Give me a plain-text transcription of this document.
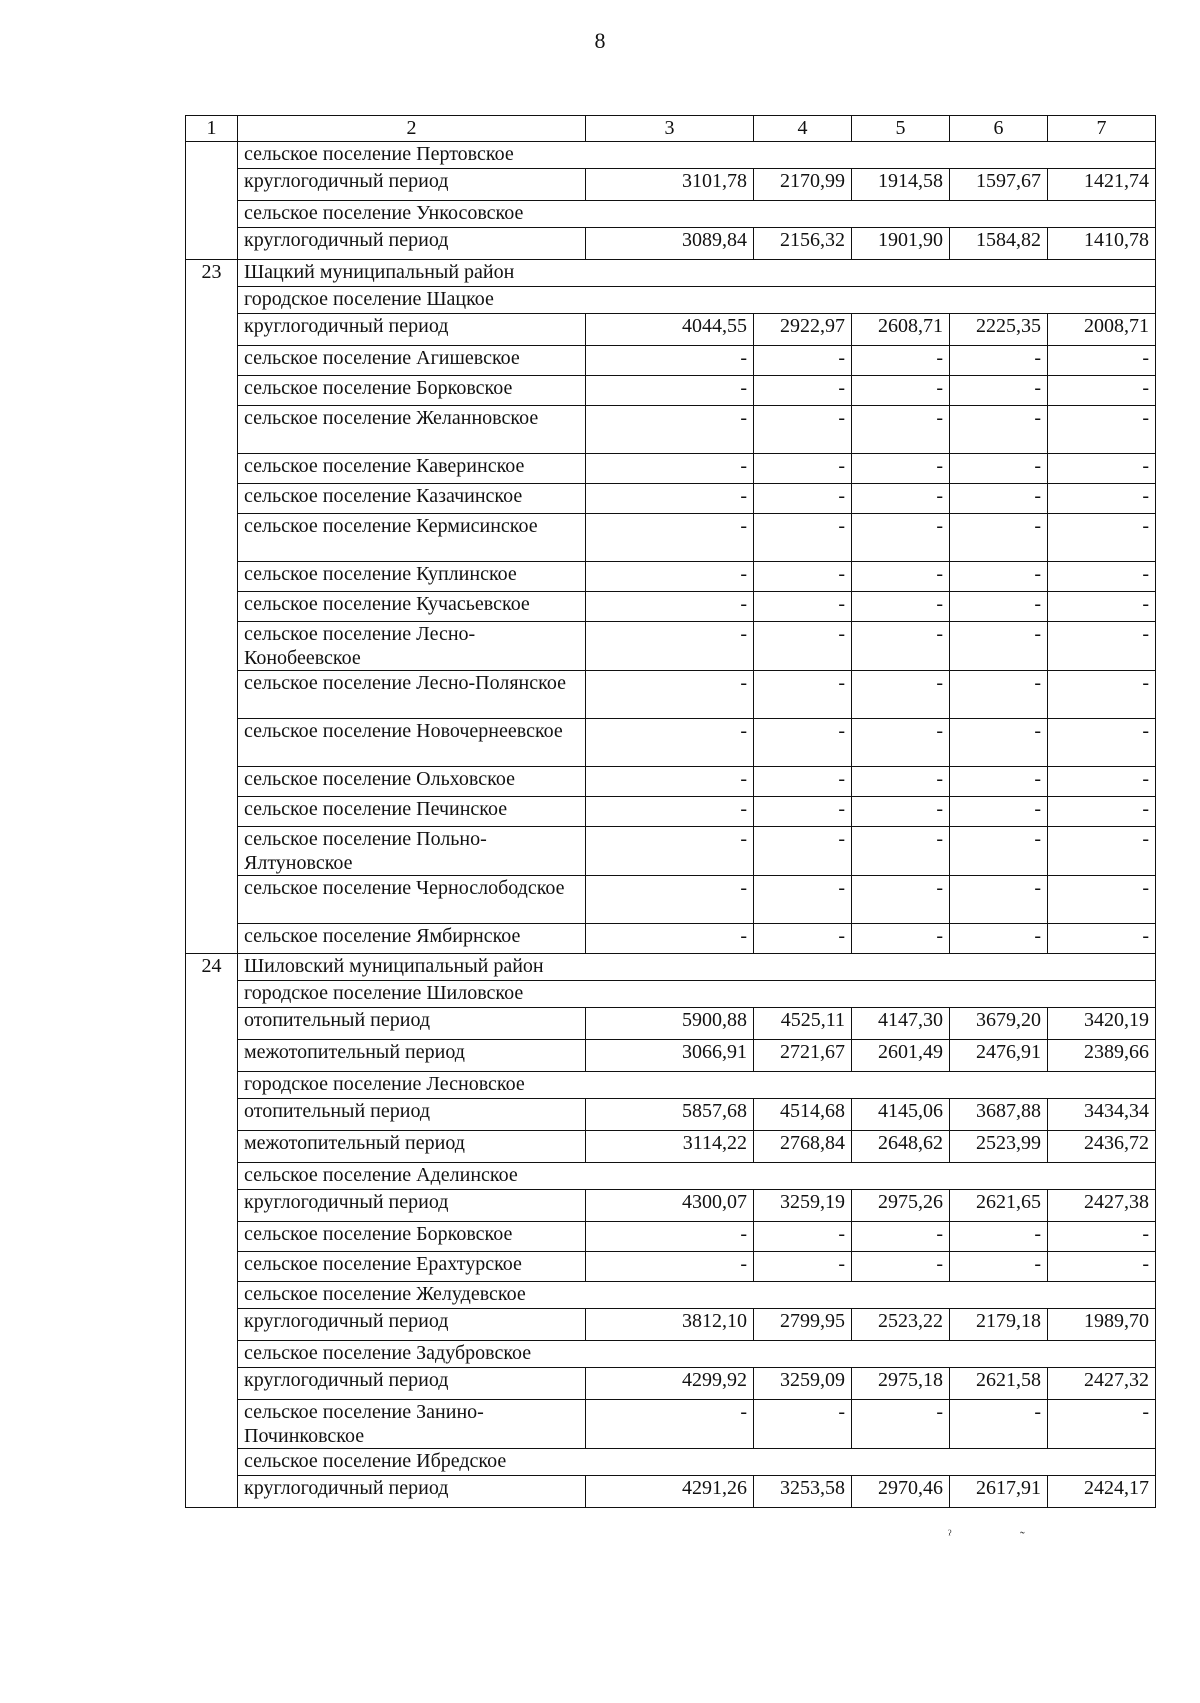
8
1	2	3	4	5	6	7
	сельское поселение Пертовское					
	круглогодичный период	3101,78	2170,99	1914,58	1597,67	1421,74
	сельское поселение Ункосовское					
	круглогодичный период	3089,84	2156,32	1901,90	1584,82	1410,78
23	Шацкий муниципальный район					
	городское поселение Шацкое					
	круглогодичный период	4044,55	2922,97	2608,71	2225,35	2008,71
	сельское поселение Агишевское	-	-	-	-	-
	сельское поселение Борковское	-	-	-	-	-
	сельское поселение Желанновское	-	-	-	-	-
	сельское поселение Каверинское	-	-	-	-	-
	сельское поселение Казачинское	-	-	-	-	-
	сельское поселение Кермисинское	-	-	-	-	-
	сельское поселение Куплинское	-	-	-	-	-
	сельское поселение Кучасьевское	-	-	-	-	-
	сельское поселение Лесно-Конобеевское	-	-	-	-	-
	сельское поселение Лесно-Полянское	-	-	-	-	-
	сельское поселение Новочернеевское	-	-	-	-	-
	сельское поселение Ольховское	-	-	-	-	-
	сельское поселение Печинское	-	-	-	-	-
	сельское поселение Польно-Ялтуновское	-	-	-	-	-
	сельское поселение Чернослободское	-	-	-	-	-
	сельское поселение Ямбирнское	-	-	-	-	-
24	Шиловский муниципальный район					
	городское поселение Шиловское					
	отопительный период	5900,88	4525,11	4147,30	3679,20	3420,19
	межотопительный период	3066,91	2721,67	2601,49	2476,91	2389,66
	городское поселение Лесновское					
	отопительный период	5857,68	4514,68	4145,06	3687,88	3434,34
	межотопительный период	3114,22	2768,84	2648,62	2523,99	2436,72
	сельское поселение Аделинское					
	круглогодичный период	4300,07	3259,19	2975,26	2621,65	2427,38
	сельское поселение Борковское	-	-	-	-	-
	сельское поселение Ерахтурское	-	-	-	-	-
	сельское поселение Желудевское					
	круглогодичный период	3812,10	2799,95	2523,22	2179,18	1989,70
	сельское поселение Задубровское					
	круглогодичный период	4299,92	3259,09	2975,18	2621,58	2427,32
	сельское поселение Занино-Починковское	-	-	-	-	-
	сельское поселение Ибредское					
	круглогодичный период	4291,26	3253,58	2970,46	2617,91	2424,17
ˀ	˜
